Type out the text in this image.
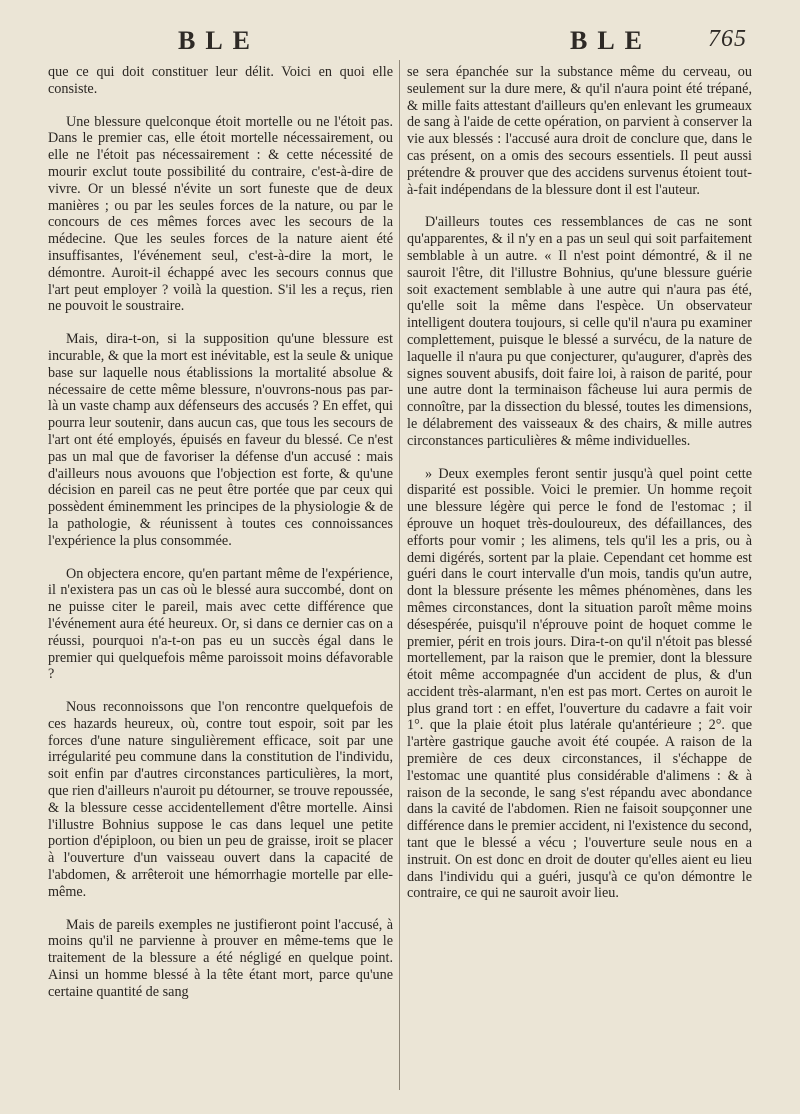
BLE	BLE 765

que ce qui doit constituer leur délit. Voici en quoi elle consiste.

Une blessure quelconque étoit mortelle ou ne l'étoit pas. Dans le premier cas, elle étoit mortelle nécessairement, ou elle ne l'étoit pas nécessairement : & cette nécessité de mourir exclut toute possibilité du contraire, c'est-à-dire de vivre. Or un blessé n'évite un sort funeste que de deux manières ; ou par les seules forces de la nature, ou par le concours de ces mêmes forces avec les secours de la médecine. Que les seules forces de la nature aient été insuffisantes, l'événement seul, c'est-à-dire la mort, le démontre. Auroit-il échappé avec les secours connus que l'art peut employer ? voilà la question. S'il les a reçus, rien ne pouvoit le soustraire.

Mais, dira-t-on, si la supposition qu'une blessure est incurable, & que la mort est inévitable, est la seule & unique base sur laquelle nous établissions la mortalité absolue & nécessaire de cette même blessure, n'ouvrons-nous pas par-là un vaste champ aux défenseurs des accusés ? En effet, qui pourra leur soutenir, dans aucun cas, que tous les secours de l'art ont été employés, épuisés en faveur du blessé. Ce n'est pas un mal que de favoriser la défense d'un accusé : mais d'ailleurs nous avouons que l'objection est forte, & qu'une décision en pareil cas ne peut être portée que par ceux qui possèdent éminemment les principes de la physiologie & de la pathologie, & réunissent à toutes ces connoissances l'expérience la plus consommée.

On objectera encore, qu'en partant même de l'expérience, il n'existera pas un cas où le blessé aura succombé, dont on ne puisse citer le pareil, mais avec cette différence que l'événement aura été heureux. Or, si dans ce dernier cas on a réussi, pourquoi n'a-t-on pas eu un succès égal dans le premier qui quelquefois même paroissoit moins défavorable ?

Nous reconnoissons que l'on rencontre quelquefois de ces hazards heureux, où, contre tout espoir, soit par les forces d'une nature singulièrement efficace, soit par une irrégularité peu commune dans la constitution de l'individu, soit enfin par d'autres circonstances particulières, la mort, que rien d'ailleurs n'auroit pu détourner, se trouve repoussée, & la blessure cesse accidentellement d'être mortelle. Ainsi l'illustre Bohnius suppose le cas dans lequel une petite portion d'épiploon, ou bien un peu de graisse, iroit se placer à l'ouverture d'un vaisseau ouvert dans la capacité de l'abdomen, & arrêteroit une hémorrhagie mortelle par elle-même.

Mais de pareils exemples ne justifieront point l'accusé, à moins qu'il ne parvienne à prouver en même-tems que le traitement de la blessure a été négligé en quelque point. Ainsi un homme blessé à la tête étant mort, parce qu'une certaine quantité de sang

se sera épanchée sur la substance même du cerveau, ou seulement sur la dure mere, & qu'il n'aura point été trépané, & mille faits attestant d'ailleurs qu'en enlevant les grumeaux de sang à l'aide de cette opération, on parvient à conserver la vie aux blessés : l'accusé aura droit de conclure que, dans le cas présent, on a omis des secours essentiels. Il peut aussi prétendre & prouver que des accidens survenus étoient tout-à-fait indépendans de la blessure dont il est l'auteur.

D'ailleurs toutes ces ressemblances de cas ne sont qu'apparentes, & il n'y en a pas un seul qui soit parfaitement semblable à un autre. « Il n'est point démontré, & il ne sauroit l'être, dit l'illustre Bohnius, qu'une blessure guérie soit exactement semblable à une autre qui n'aura pas été, qu'elle soit la même dans l'espèce. Un observateur intelligent doutera toujours, si celle qu'il n'aura pu examiner complettement, puisque le blessé a survécu, de la nature de laquelle il n'aura pu que conjecturer, qu'augurer, d'après des signes souvent abusifs, doit faire loi, à raison de parité, pour une autre dont la terminaison fâcheuse lui aura permis de connoître, par la dissection du blessé, toutes les dimensions, le délabrement des vaisseaux & des chairs, & mille autres circonstances particulières & même individuelles.

» Deux exemples feront sentir jusqu'à quel point cette disparité est possible. Voici le premier. Un homme reçoit une blessure légère qui perce le fond de l'estomac ; il éprouve un hoquet très-douloureux, des défaillances, des efforts pour vomir ; les alimens, tels qu'il les a pris, ou à demi digérés, sortent par la plaie. Cependant cet homme est guéri dans le court intervalle d'un mois, tandis qu'un autre, dont la blessure présente les mêmes phénomènes, dans les mêmes circonstances, dont la situation paroît même moins désespérée, puisqu'il n'éprouve point de hoquet comme le premier, périt en trois jours. Dira-t-on qu'il n'étoit pas blessé mortellement, par la raison que le premier, dont la blessure étoit même accompagnée d'un accident de plus, & d'un accident très-alarmant, n'en est pas mort. Certes on auroit le plus grand tort : en effet, l'ouverture du cadavre a fait voir 1°. que la plaie étoit plus latérale qu'antérieure ; 2°. que l'artère gastrique gauche avoit été coupée. A raison de la première de ces deux circonstances, il s'échappe de l'estomac une quantité plus considérable d'alimens : & à raison de la seconde, le sang s'est répandu avec abondance dans la cavité de l'abdomen. Rien ne faisoit soupçonner une différence dans le premier accident, ni l'existence du second, tant que le blessé a vécu ; l'ouverture seule nous en a instruit. On est donc en droit de douter qu'elles aient eu lieu dans l'individu qui a guéri, jusqu'à ce qu'on démontre le contraire, ce qui ne sauroit avoir lieu.
